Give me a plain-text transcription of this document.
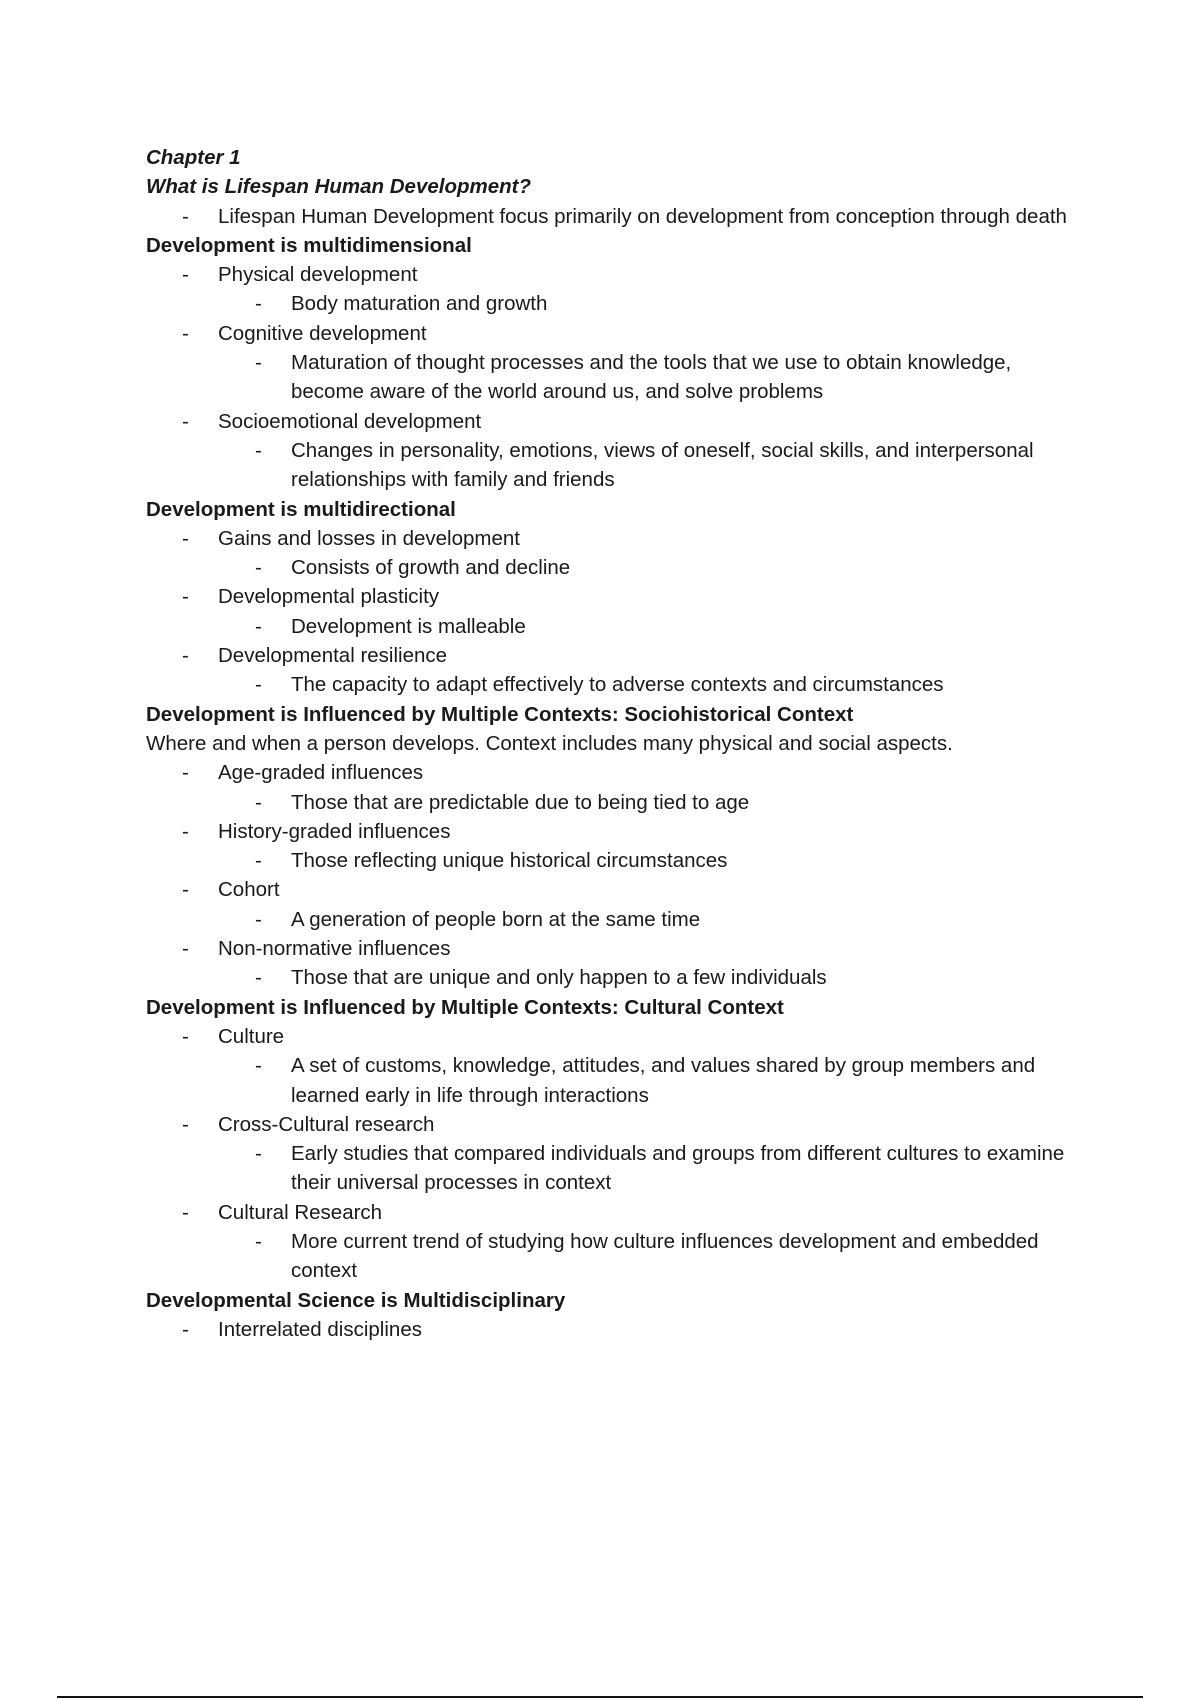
Chapter 1

What is Lifespan Human Development?

- Lifespan Human Development focus primarily on development from conception through death

Development is multidimensional

- Physical development

- Body maturation and growth

- Cognitive development

- Maturation of thought processes and the tools that we use to obtain knowledge, become aware of the world around us, and solve problems

- Socioemotional development

- Changes in personality, emotions, views of oneself, social skills, and interpersonal relationships with family and friends

Development is multidirectional

- Gains and losses in development

- Consists of growth and decline

- Developmental plasticity

- Development is malleable

- Developmental resilience

- The capacity to adapt effectively to adverse contexts and circumstances

Development is Influenced by Multiple Contexts: Sociohistorical Context

Where and when a person develops. Context includes many physical and social aspects.

- Age-graded influences

- Those that are predictable due to being tied to age

- History-graded influences

- Those reflecting unique historical circumstances

- Cohort

- A generation of people born at the same time

- Non-normative influences

- Those that are unique and only happen to a few individuals

Development is Influenced by Multiple Contexts: Cultural Context

- Culture

- A set of customs, knowledge, attitudes, and values shared by group members and learned early in life through interactions

- Cross-Cultural research

- Early studies that compared individuals and groups from different cultures to examine their universal processes in context

- Cultural Research

- More current trend of studying how culture influences development and embedded context

Developmental Science is Multidisciplinary

- Interrelated disciplines
